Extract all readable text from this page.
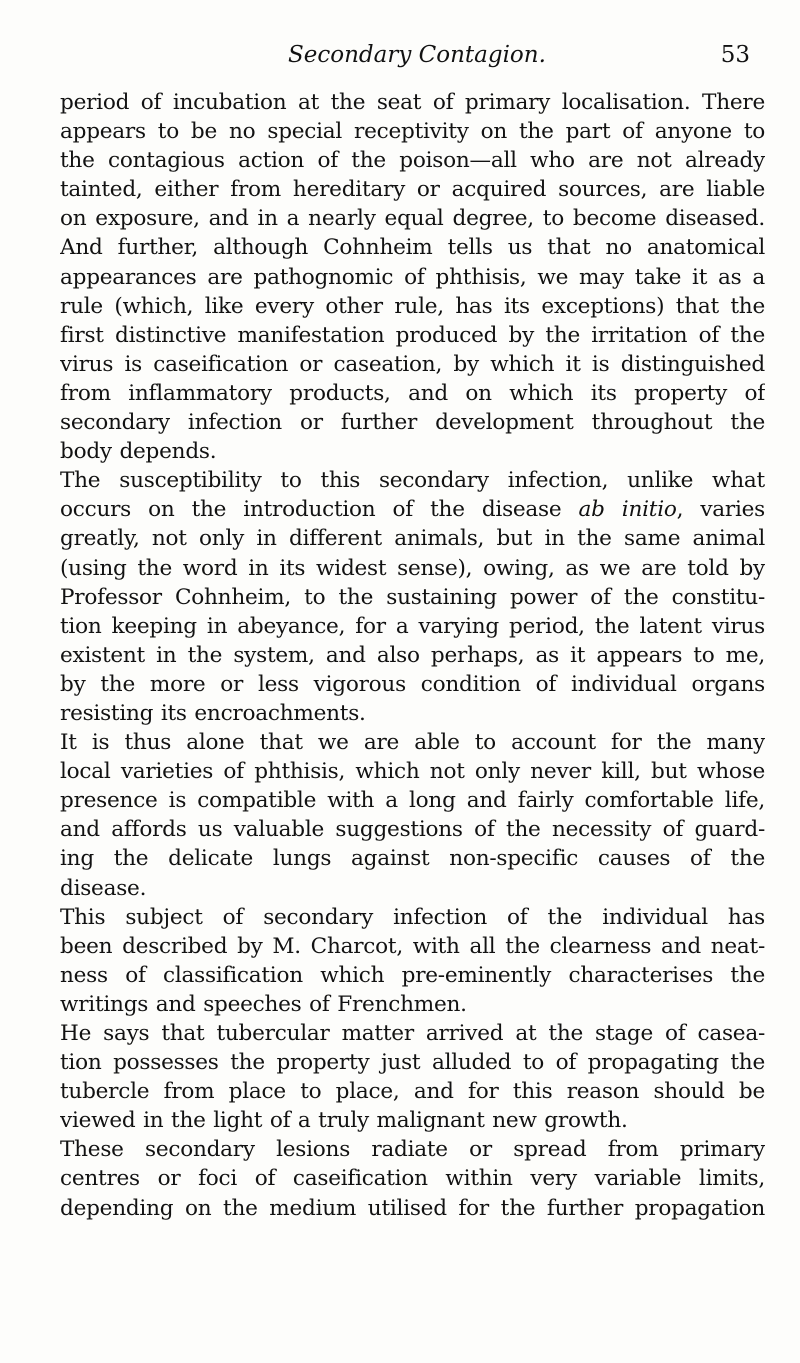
Secondary Contagion.	53
period of incubation at the seat of primary localisation. There
appears to be no special receptivity on the part of anyone to
the contagious action of the poison—all who are not already
tainted, either from hereditary or acquired sources, are liable
on exposure, and in a nearly equal degree, to become diseased.
And further, although Cohnheim tells us that no anatomical
appearances are pathognomic of phthisis, we may take it as a
rule (which, like every other rule, has its exceptions) that the
first distinctive manifestation produced by the irritation of the
virus is caseification or caseation, by which it is distinguished
from inflammatory products, and on which its property of
secondary infection or further development throughout the
body depends.
The susceptibility to this secondary infection, unlike what
occurs on the introduction of the disease ab initio, varies
greatly, not only in different animals, but in the same animal
(using the word in its widest sense), owing, as we are told by
Professor Cohnheim, to the sustaining power of the constitu-
tion keeping in abeyance, for a varying period, the latent virus
existent in the system, and also perhaps, as it appears to me,
by the more or less vigorous condition of individual organs
resisting its encroachments.
It is thus alone that we are able to account for the many
local varieties of phthisis, which not only never kill, but whose
presence is compatible with a long and fairly comfortable life,
and affords us valuable suggestions of the necessity of guard-
ing the delicate lungs against non-specific causes of the
disease.
This subject of secondary infection of the individual has
been described by M. Charcot, with all the clearness and neat-
ness of classification which pre-eminently characterises the
writings and speeches of Frenchmen.
He says that tubercular matter arrived at the stage of casea-
tion possesses the property just alluded to of propagating the
tubercle from place to place, and for this reason should be
viewed in the light of a truly malignant new growth.
These secondary lesions radiate or spread from primary
centres or foci of caseification within very variable limits,
depending on the medium utilised for the further propagation
